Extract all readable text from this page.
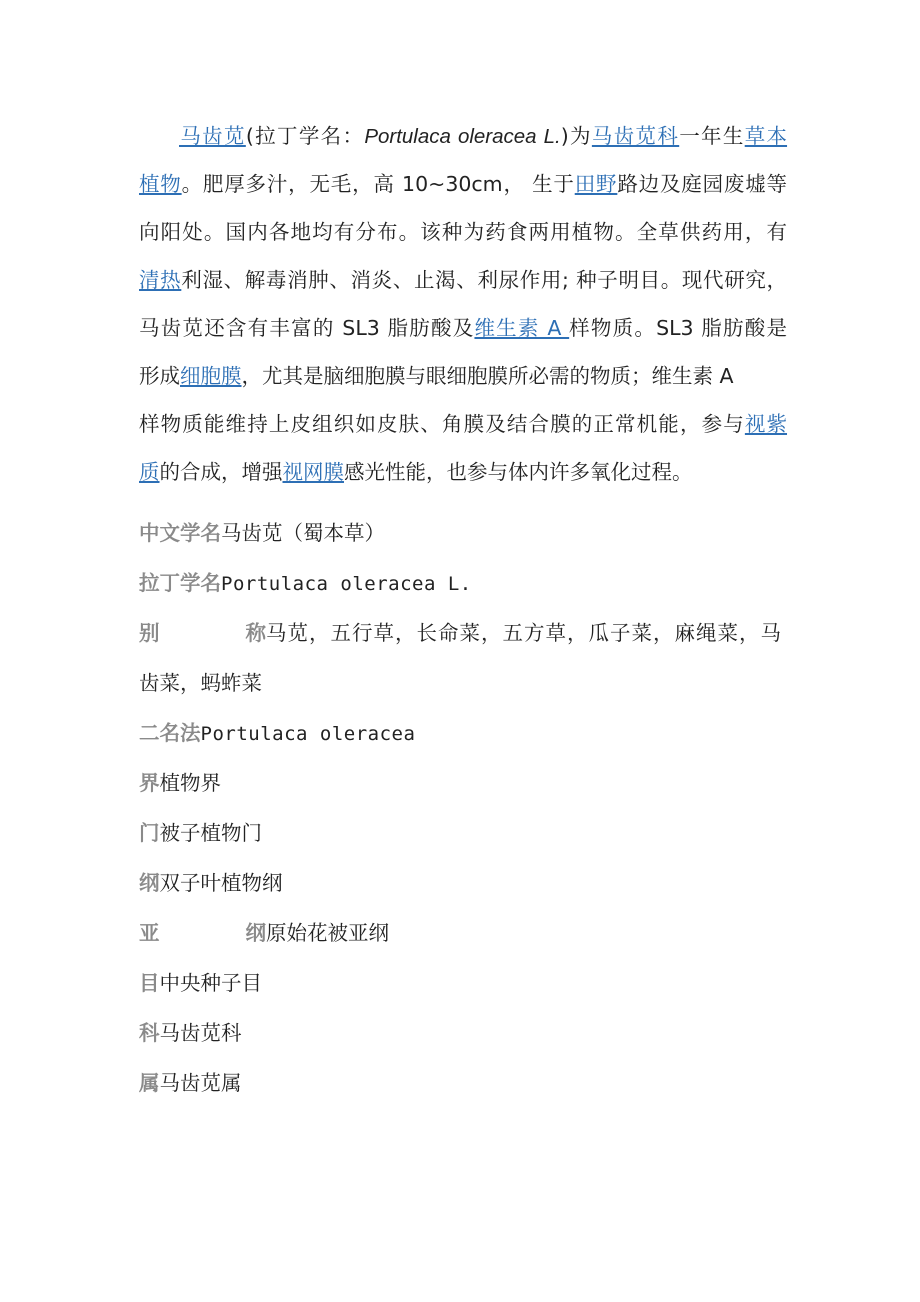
马齿苋(拉丁学名：Portulaca oleracea L.)为马齿苋科一年生草本
植物。肥厚多汁，无毛，高 10~30cm， 生于田野路边及庭园废墟等
向阳处。国内各地均有分布。该种为药食两用植物。全草供药用，有
清热利湿、解毒消肿、消炎、止渴、利尿作用; 种子明目。现代研究，
马齿苋还含有丰富的 SL3 脂肪酸及维生素 A 样物质。SL3 脂肪酸是
形成细胞膜，尤其是脑细胞膜与眼细胞膜所必需的物质；维生素 A
样物质能维持上皮组织如皮肤、角膜及结合膜的正常机能，参与视紫
质的合成，增强视网膜感光性能，也参与体内许多氧化过程。
中文学名马齿苋（蜀本草）
拉丁学名Portulaca oleracea L.
别	称马苋，五行草，长命菜，五方草，瓜子菜，麻绳菜，马
齿菜，蚂蚱菜
二名法Portulaca oleracea
界植物界
门被子植物门
纲双子叶植物纲
亚	纲原始花被亚纲
目中央种子目
科马齿苋科
属马齿苋属
